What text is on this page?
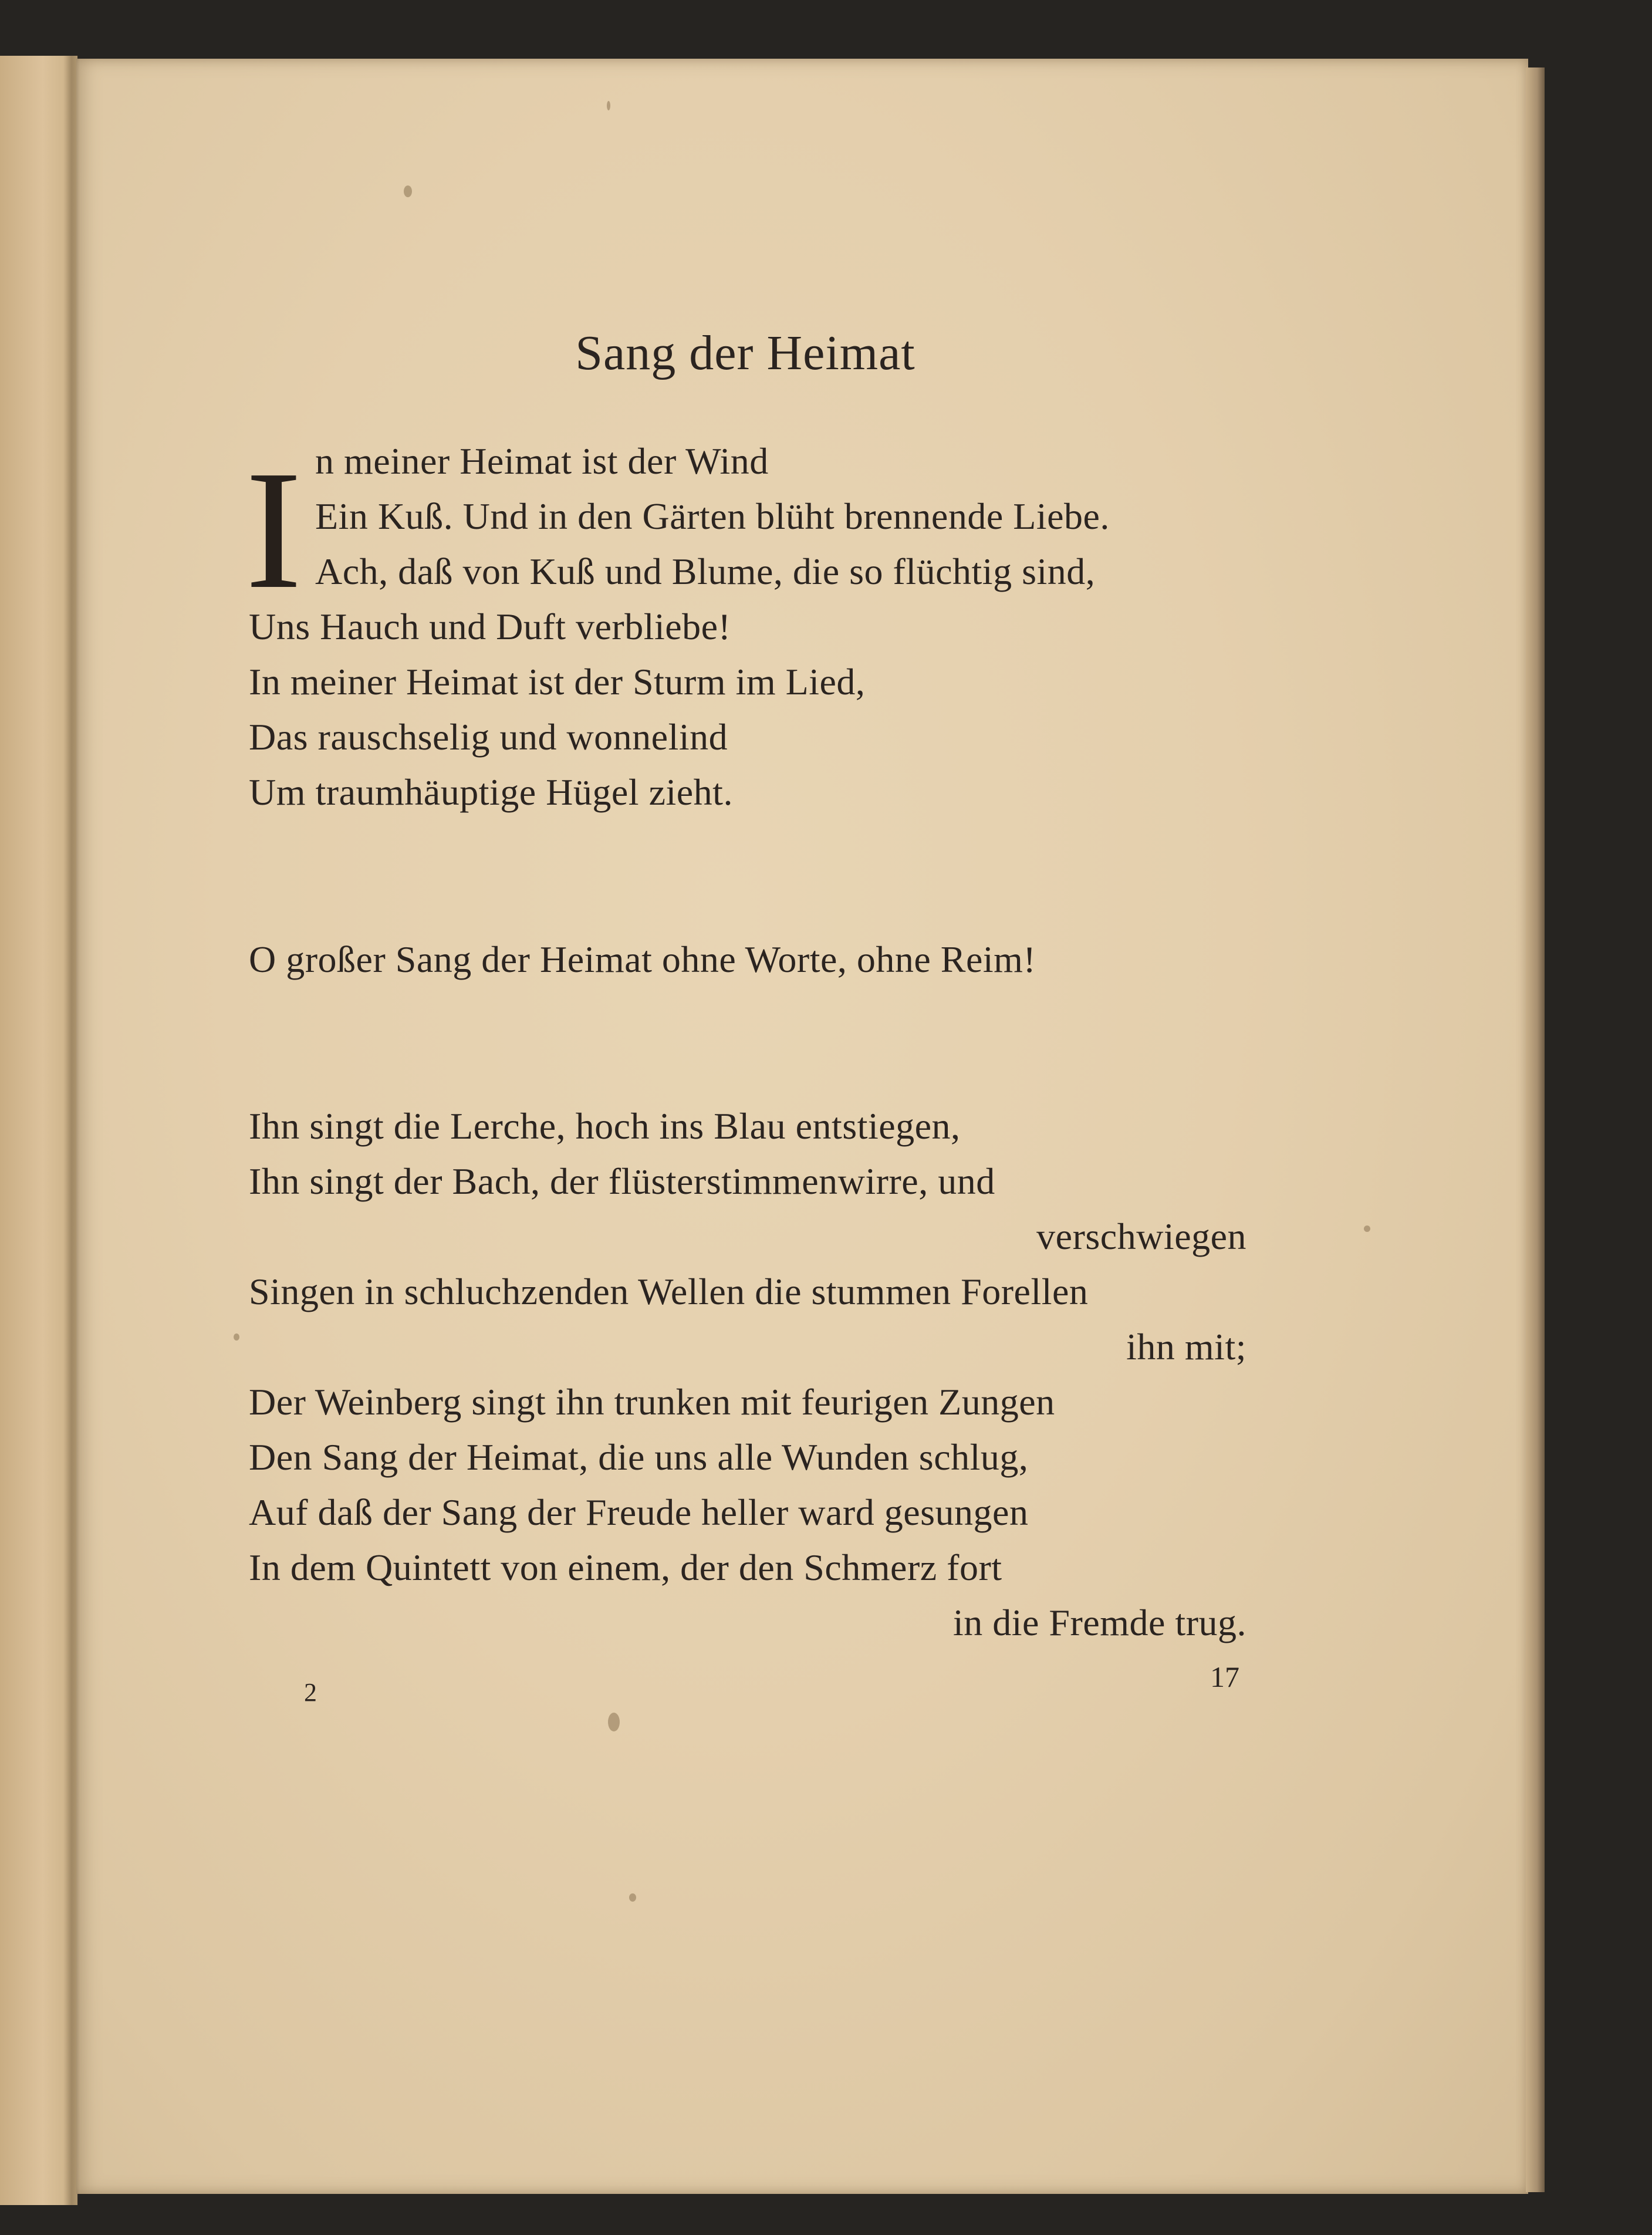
Sang der Heimat
I n meiner Heimat ist der Wind
Ein Kuß. Und in den Gärten blüht brennende Liebe.
Ach, daß von Kuß und Blume, die so flüchtig sind,
Uns Hauch und Duft verbliebe!
In meiner Heimat ist der Sturm im Lied,
Das rauschselig und wonnelind
Um traumhäuptige Hügel zieht.
O großer Sang der Heimat ohne Worte, ohne Reim!
Ihn singt die Lerche, hoch ins Blau entstiegen,
Ihn singt der Bach, der flüsterstimmenwirre, und
verschwiegen
Singen in schluchzenden Wellen die stummen Forellen
ihn mit;
Der Weinberg singt ihn trunken mit feurigen Zungen
Den Sang der Heimat, die uns alle Wunden schlug,
Auf daß der Sang der Freude heller ward gesungen
In dem Quintett von einem, der den Schmerz fort
in die Fremde trug.
2	17
